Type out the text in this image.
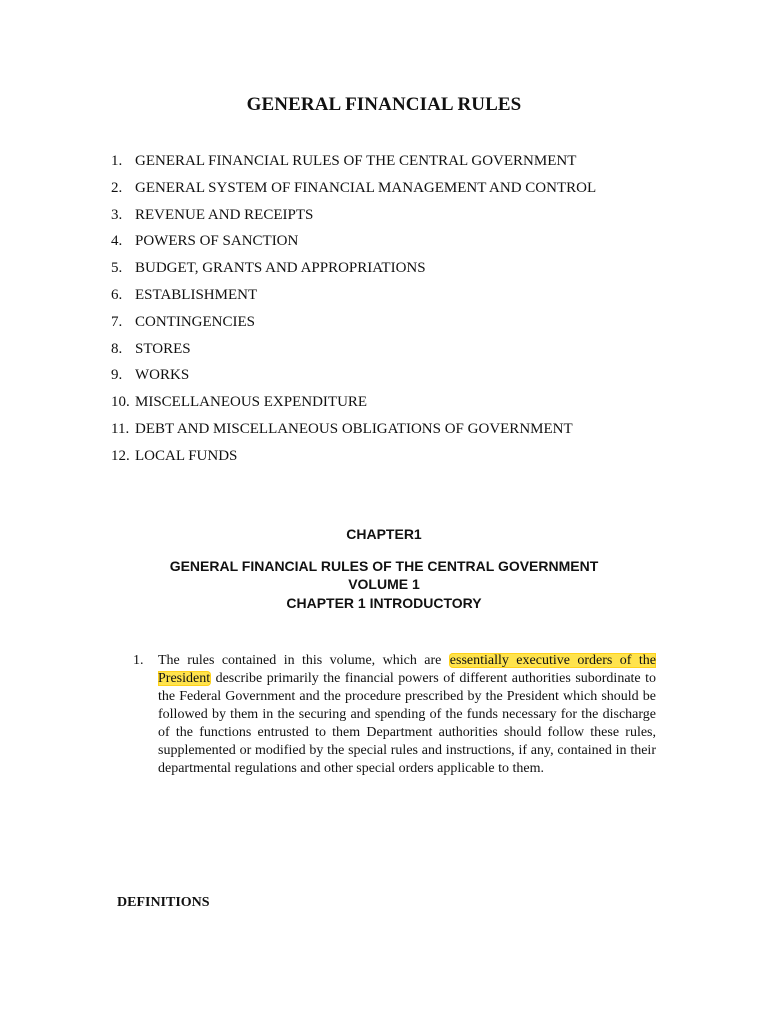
GENERAL FINANCIAL RULES
1. GENERAL FINANCIAL RULES OF THE CENTRAL GOVERNMENT
2. GENERAL SYSTEM OF FINANCIAL MANAGEMENT AND CONTROL
3. REVENUE AND RECEIPTS
4. POWERS OF SANCTION
5. BUDGET, GRANTS AND APPROPRIATIONS
6. ESTABLISHMENT
7. CONTINGENCIES
8. STORES
9. WORKS
10. MISCELLANEOUS EXPENDITURE
11. DEBT AND MISCELLANEOUS OBLIGATIONS OF GOVERNMENT
12. LOCAL FUNDS
CHAPTER1
GENERAL FINANCIAL RULES OF THE CENTRAL GOVERNMENT
VOLUME 1
CHAPTER 1 INTRODUCTORY
1. The rules contained in this volume, which are essentially executive orders of the President describe primarily the financial powers of different authorities subordinate to the Federal Government and the procedure prescribed by the President which should be followed by them in the securing and spending of the funds necessary for the discharge of the functions entrusted to them Department authorities should follow these rules, supplemented or modified by the special rules and instructions, if any, contained in their departmental regulations and other special orders applicable to them.
DEFINITIONS
